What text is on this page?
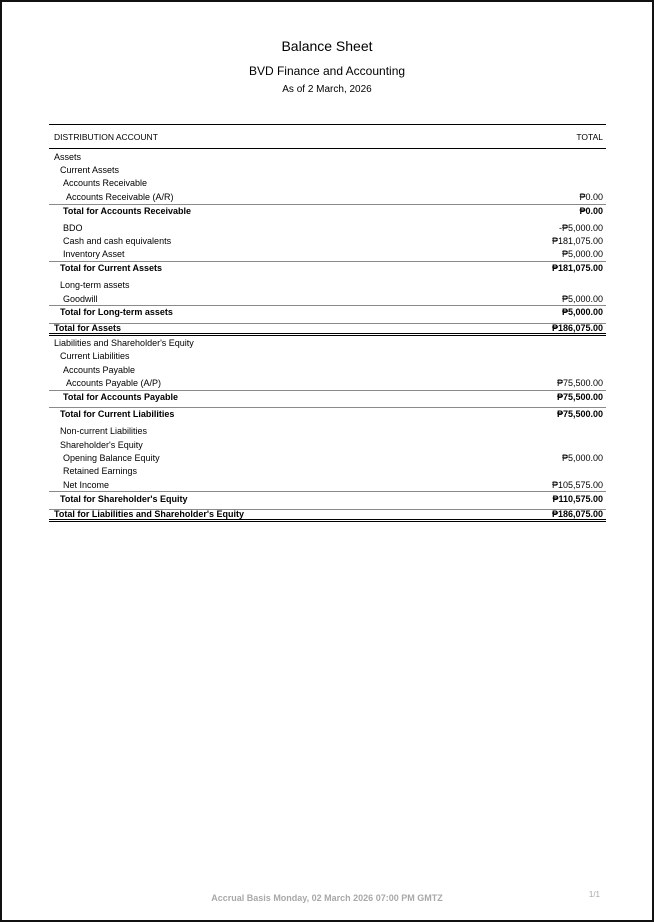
Balance Sheet
BVD Finance and Accounting
As of 2 March, 2026
DISTRIBUTION ACCOUNT	TOTAL
Assets
Current Assets
Accounts Receivable
Accounts Receivable (A/R)	₱0.00
Total for Accounts Receivable	₱0.00
BDO	-₱5,000.00
Cash and cash equivalents	₱181,075.00
Inventory Asset	₱5,000.00
Total for Current Assets	₱181,075.00
Long-term assets
Goodwill	₱5,000.00
Total for Long-term assets	₱5,000.00
Total for Assets	₱186,075.00
Liabilities and Shareholder's Equity
Current Liabilities
Accounts Payable
Accounts Payable (A/P)	₱75,500.00
Total for Accounts Payable	₱75,500.00
Total for Current Liabilities	₱75,500.00
Non-current Liabilities
Shareholder's Equity
Opening Balance Equity	₱5,000.00
Retained Earnings
Net Income	₱105,575.00
Total for Shareholder's Equity	₱110,575.00
Total for Liabilities and Shareholder's Equity	₱186,075.00
Accrual Basis Monday, 02 March 2026 07:00 PM GMTZ	1/1
